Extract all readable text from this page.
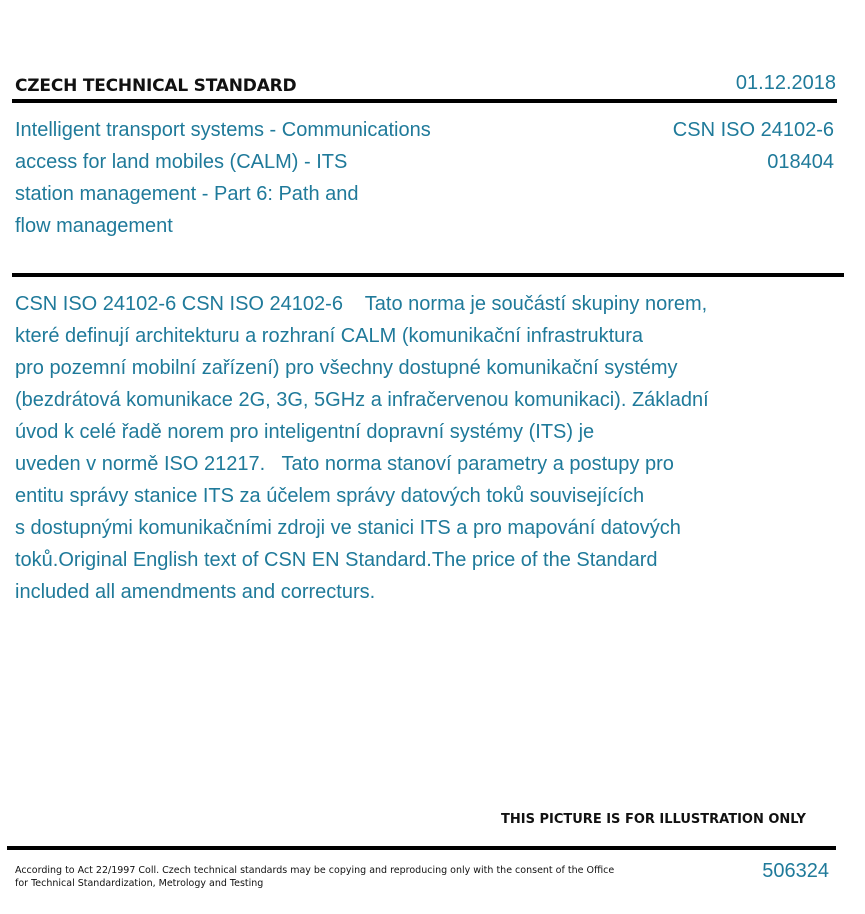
CZECH TECHNICAL STANDARD	01.12.2018
Intelligent transport systems - Communications
access for land mobiles (CALM) - ITS
station management - Part 6: Path and
flow management
CSN ISO 24102-6
018404
CSN ISO 24102-6 CSN ISO 24102-6    Tato norma je součástí skupiny norem,
které definují architekturu a rozhraní CALM (komunikační infrastruktura
pro pozemní mobilní zařízení) pro všechny dostupné komunikační systémy
(bezdrátová komunikace 2G, 3G, 5GHz a infračervenou komunikaci). Základní
úvod k celé řadě norem pro inteligentní dopravní systémy (ITS) je
uveden v normě ISO 21217.   Tato norma stanoví parametry a postupy pro
entitu správy stanice ITS za účelem správy datových toků souvisejících
s dostupnými komunikačními zdroji ve stanici ITS a pro mapování datových
toků.Original English text of CSN EN Standard.The price of the Standard
included all amendments and correcturs.
THIS PICTURE IS FOR ILLUSTRATION ONLY
According to Act 22/1997 Coll. Czech technical standards may be copying and reproducing only with the consent of the Office
for Technical Standardization, Metrology and Testing
506324
